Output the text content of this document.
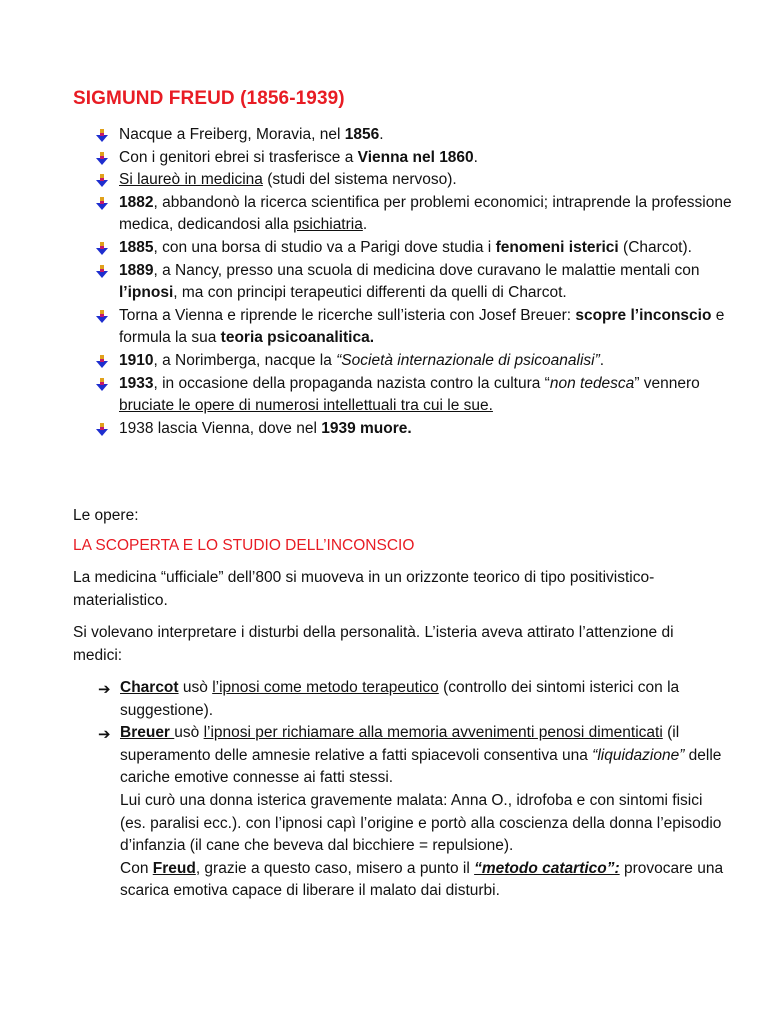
SIGMUND FREUD (1856-1939)
Nacque a Freiberg, Moravia, nel 1856.
Con i genitori ebrei si trasferisce a Vienna nel 1860.
Si laureò in medicina (studi del sistema nervoso).
1882, abbandonò la ricerca scientifica per problemi economici; intraprende la professione medica, dedicandosi alla psichiatria.
1885, con una borsa di studio va a Parigi dove studia i fenomeni isterici (Charcot).
1889, a Nancy, presso una scuola di medicina dove curavano le malattie mentali con l’ipnosi, ma con principi terapeutici differenti da quelli di Charcot.
Torna a Vienna e riprende le ricerche sull’isteria con Josef Breuer: scopre l’inconscio e formula la sua teoria psicoanalitica.
1910, a Norimberga, nacque la “Società internazionale di psicoanalisi”.
1933, in occasione della propaganda nazista contro la cultura “non tedesca” vennero bruciate le opere di numerosi intellettuali tra cui le sue.
1938 lascia Vienna, dove nel 1939 muore.

Le opere:

LA SCOPERTA E LO STUDIO DELL’INCONSCIO

La medicina “ufficiale” dell’800 si muoveva in un orizzonte teorico di tipo positivistico-materialistico.

Si volevano interpretare i disturbi della personalità. L’isteria aveva attirato l’attenzione di medici:

➔ Charcot usò l’ipnosi come metodo terapeutico (controllo dei sintomi isterici con la suggestione).
➔ Breuer usò l’ipnosi per richiamare alla memoria avvenimenti penosi dimenticati (il superamento delle amnesie relative a fatti spiacevoli consentiva una “liquidazione” delle cariche emotive connesse ai fatti stessi.
Lui curò una donna isterica gravemente malata: Anna O., idrofoba e con sintomi fisici (es. paralisi ecc.). con l’ipnosi capì l’origine e portò alla coscienza della donna l’episodio d’infanzia (il cane che beveva dal bicchiere = repulsione).
Con Freud, grazie a questo caso, misero a punto il “metodo catartico”: provocare una scarica emotiva capace di liberare il malato dai disturbi.
